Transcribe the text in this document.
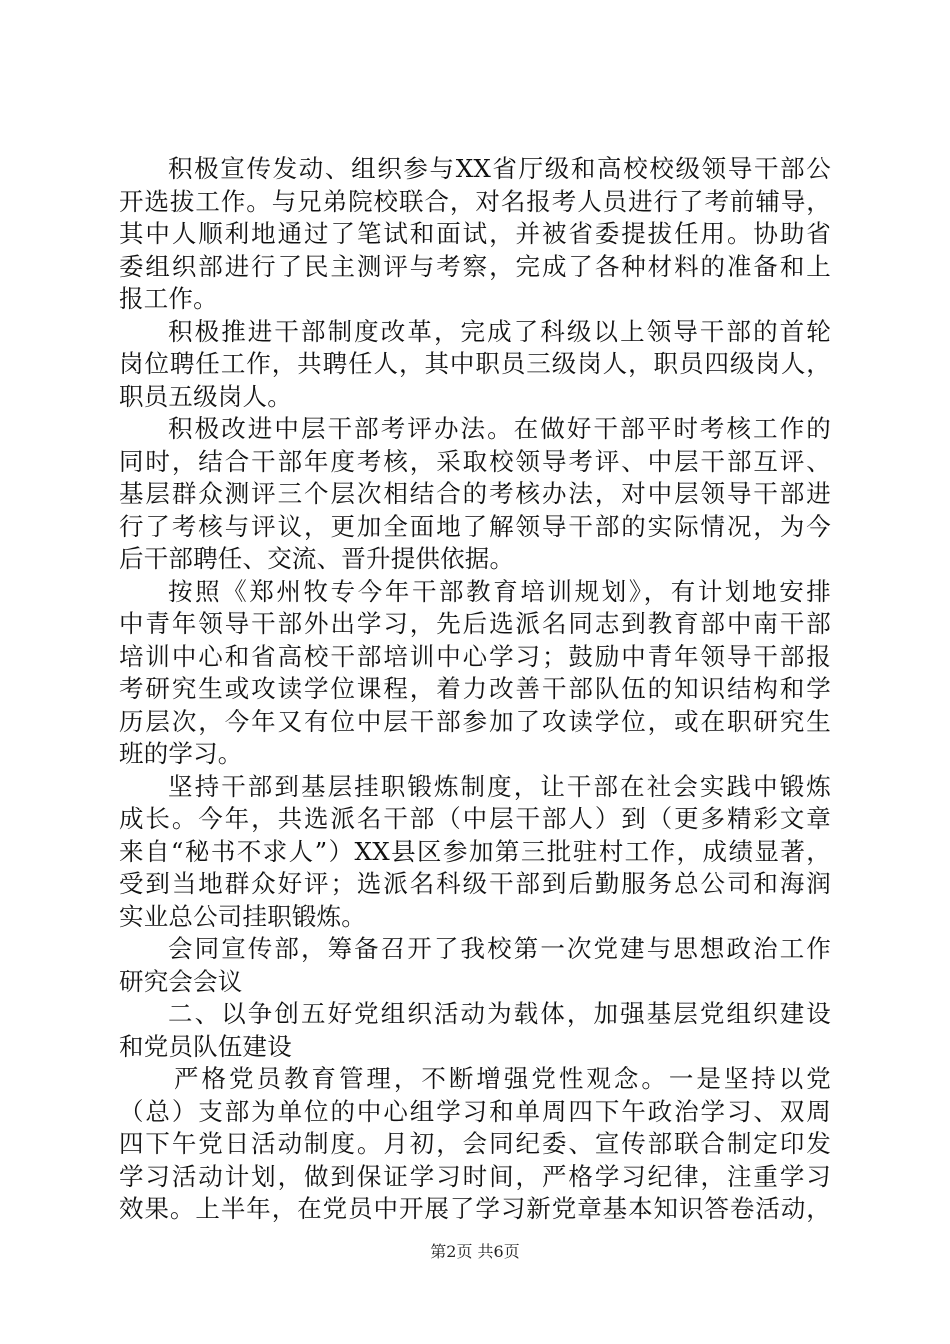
积极宣传发动、组织参与XX省厅级和高校校级领导干部公
开选拔工作。与兄弟院校联合，对名报考人员进行了考前辅导，
其中人顺利地通过了笔试和面试，并被省委提拔任用。协助省
委组织部进行了民主测评与考察，完成了各种材料的准备和上
报工作。
积极推进干部制度改革，完成了科级以上领导干部的首轮
岗位聘任工作，共聘任人，其中职员三级岗人，职员四级岗人，
职员五级岗人。
积极改进中层干部考评办法。在做好干部平时考核工作的
同时，结合干部年度考核，采取校领导考评、中层干部互评、
基层群众测评三个层次相结合的考核办法，对中层领导干部进
行了考核与评议，更加全面地了解领导干部的实际情况，为今
后干部聘任、交流、晋升提供依据。
按照《郑州牧专今年干部教育培训规划》，有计划地安排
中青年领导干部外出学习，先后选派名同志到教育部中南干部
培训中心和省高校干部培训中心学习；鼓励中青年领导干部报
考研究生或攻读学位课程，着力改善干部队伍的知识结构和学
历层次，今年又有位中层干部参加了攻读学位，或在职研究生
班的学习。
坚持干部到基层挂职锻炼制度，让干部在社会实践中锻炼
成长。今年，共选派名干部（中层干部人）到（更多精彩文章
来自“秘书不求人”）XX县区参加第三批驻村工作，成绩显著，
受到当地群众好评；选派名科级干部到后勤服务总公司和海润
实业总公司挂职锻炼。
会同宣传部，筹备召开了我校第一次党建与思想政治工作
研究会会议
二、以争创五好党组织活动为载体，加强基层党组织建设
和党员队伍建设
严格党员教育管理，不断增强党性观念。一是坚持以党
（总）支部为单位的中心组学习和单周四下午政治学习、双周
四下午党日活动制度。月初，会同纪委、宣传部联合制定印发
学习活动计划，做到保证学习时间，严格学习纪律，注重学习
效果。上半年，在党员中开展了学习新党章基本知识答卷活动，
第2页 共6页
